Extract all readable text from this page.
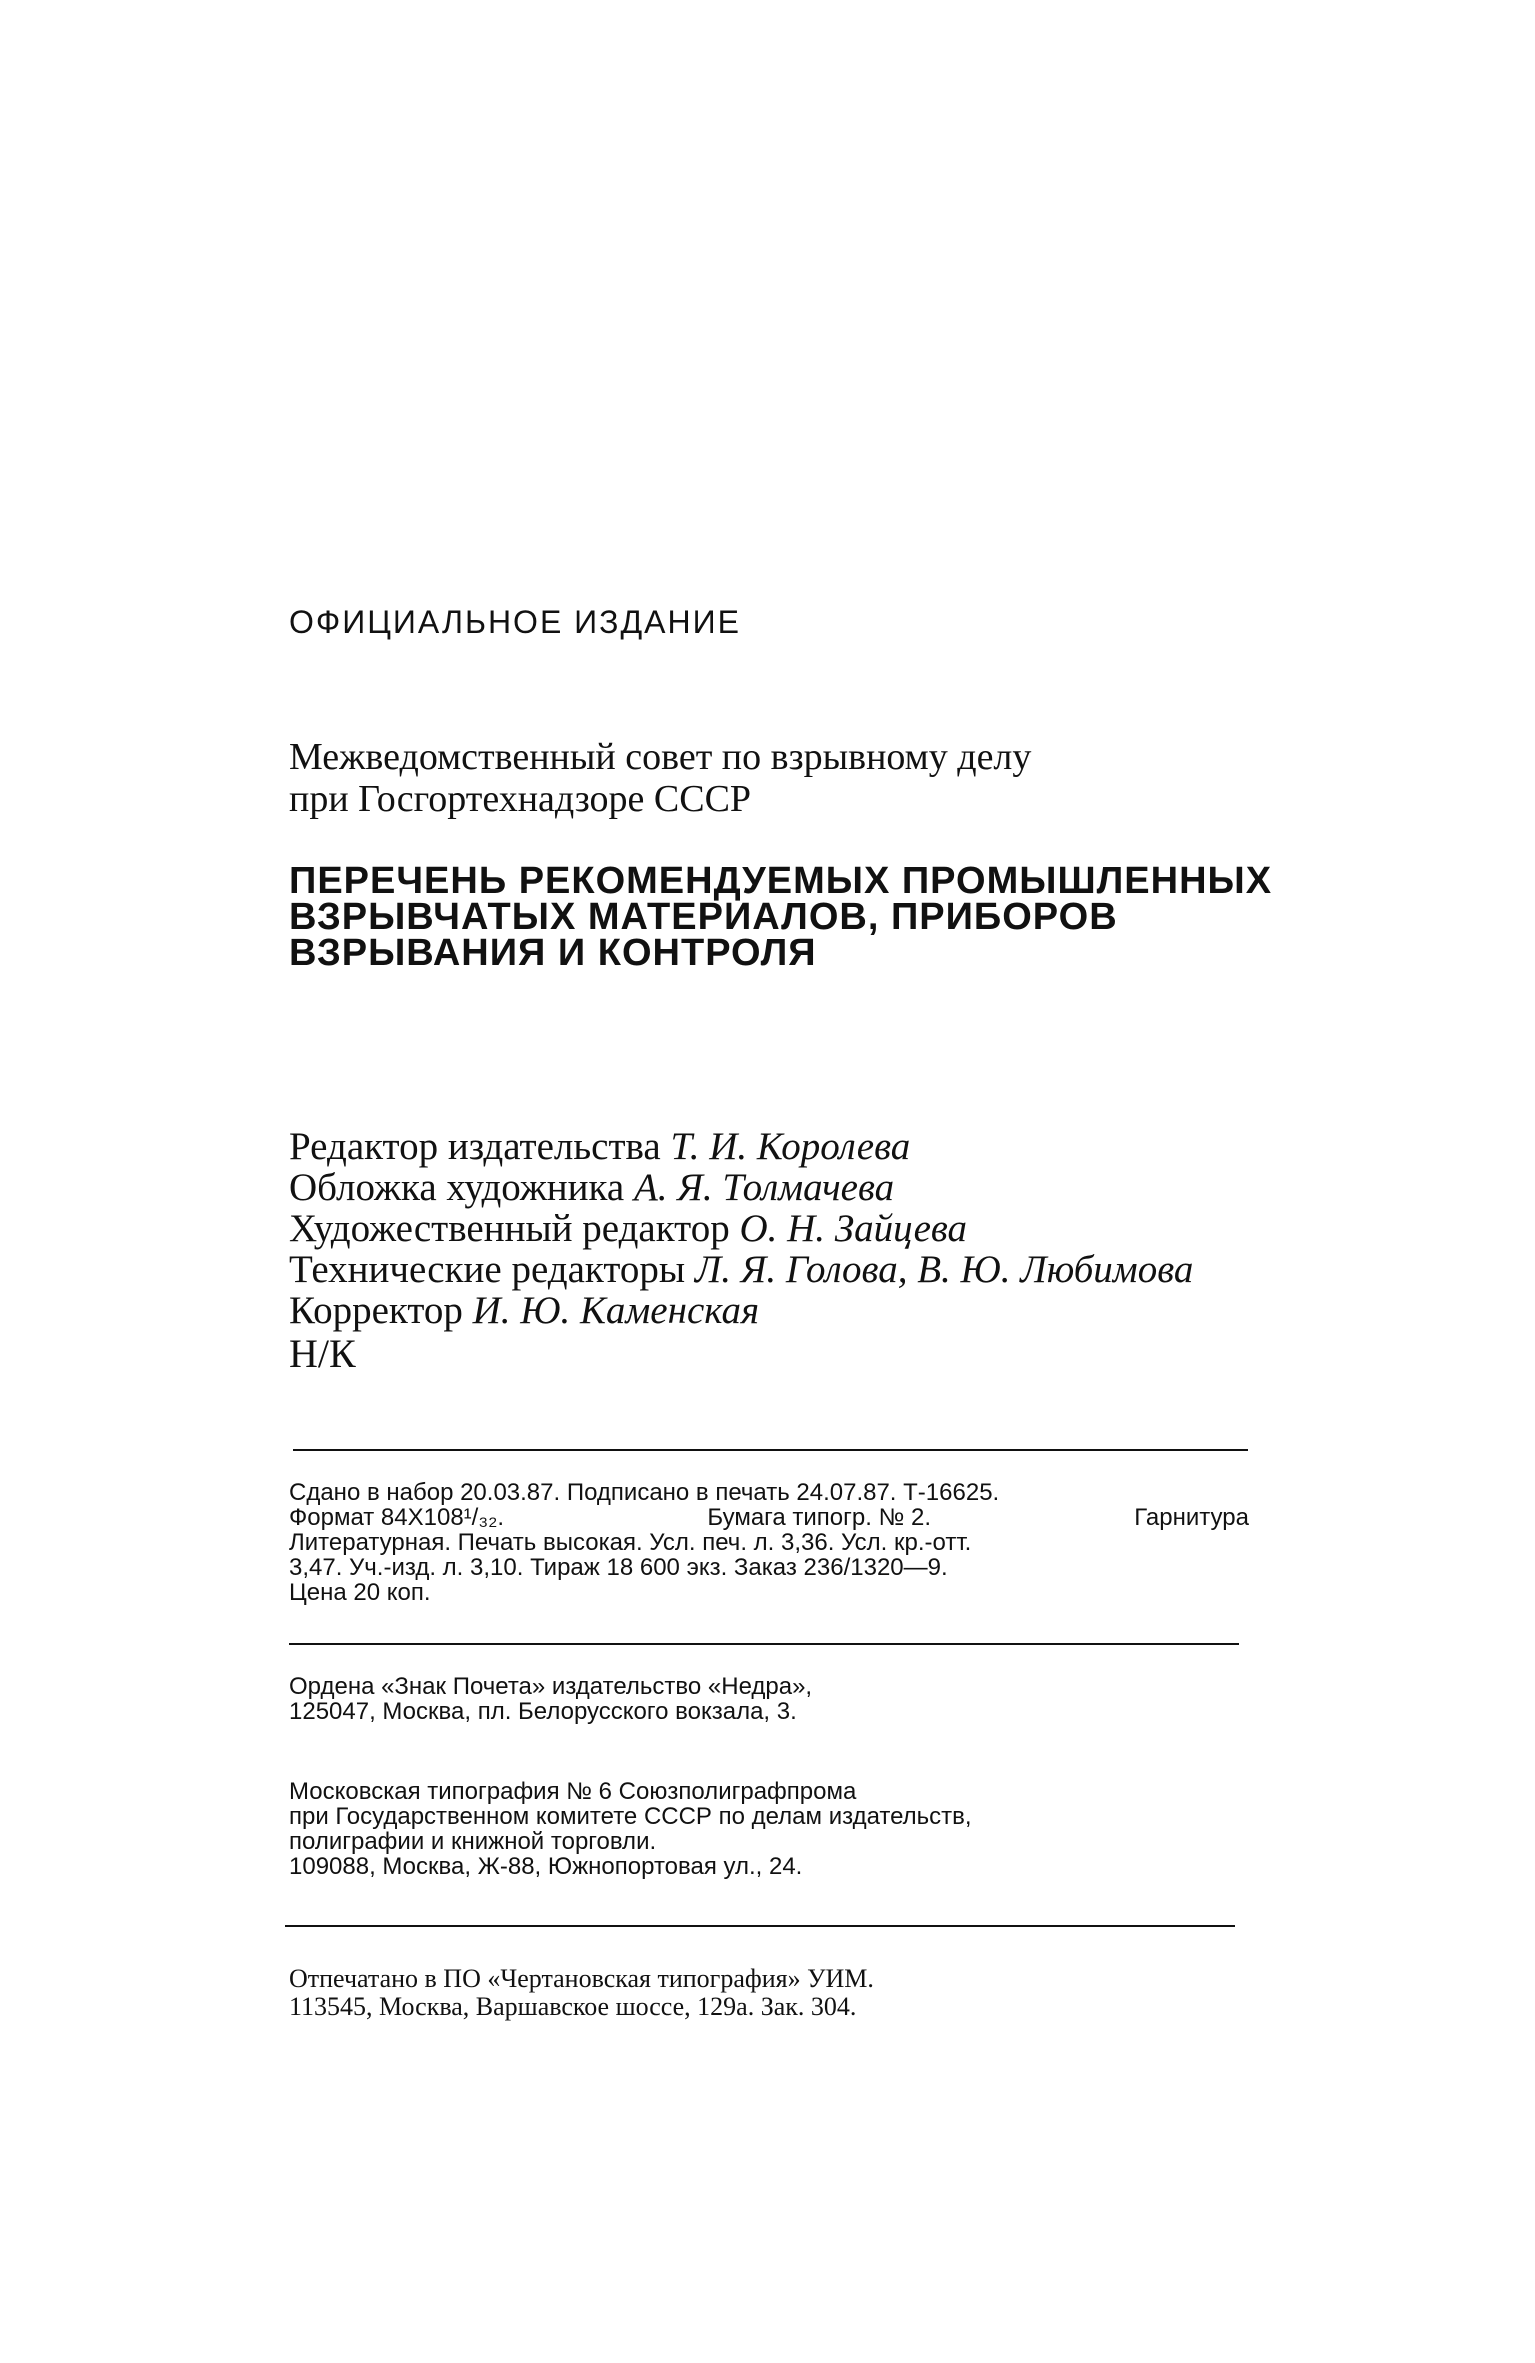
ОФИЦИАЛЬНОЕ ИЗДАНИЕ
Межведомственный совет по взрывному делу
при Госгортехнадзоре СССР
ПЕРЕЧЕНЬ РЕКОМЕНДУЕМЫХ ПРОМЫШЛЕННЫХ
ВЗРЫВЧАТЫХ МАТЕРИАЛОВ, ПРИБОРОВ
ВЗРЫВАНИЯ И КОНТРОЛЯ
Редактор издательства Т. И. Королева
Обложка художника А. Я. Толмачева
Художественный редактор О. Н. Зайцева
Технические редакторы Л. Я. Голова, В. Ю. Любимова
Корректор И. Ю. Каменская
Н/К
Сдано в набор 20.03.87. Подписано в печать 24.07.87. Т-16625.
Формат 84Х108¹/₃₂.	Бумага типогр. № 2.	Гарнитура
Литературная. Печать высокая. Усл. печ. л. 3,36. Усл. кр.-отт.
3,47. Уч.-изд. л. 3,10. Тираж 18 600 экз. Заказ 236/1320—9.
Цена 20 коп.
Ордена «Знак Почета» издательство «Недра»,
125047, Москва, пл. Белорусского вокзала, 3.
Московская типография № 6 Союзполиграфпрома
при Государственном комитете СССР по делам издательств,
полиграфии и книжной торговли.
109088, Москва, Ж-88, Южнопортовая ул., 24.
Отпечатано в ПО «Чертановская типография» УИМ.
113545, Москва, Варшавское шоссе, 129а. Зак. 304.
